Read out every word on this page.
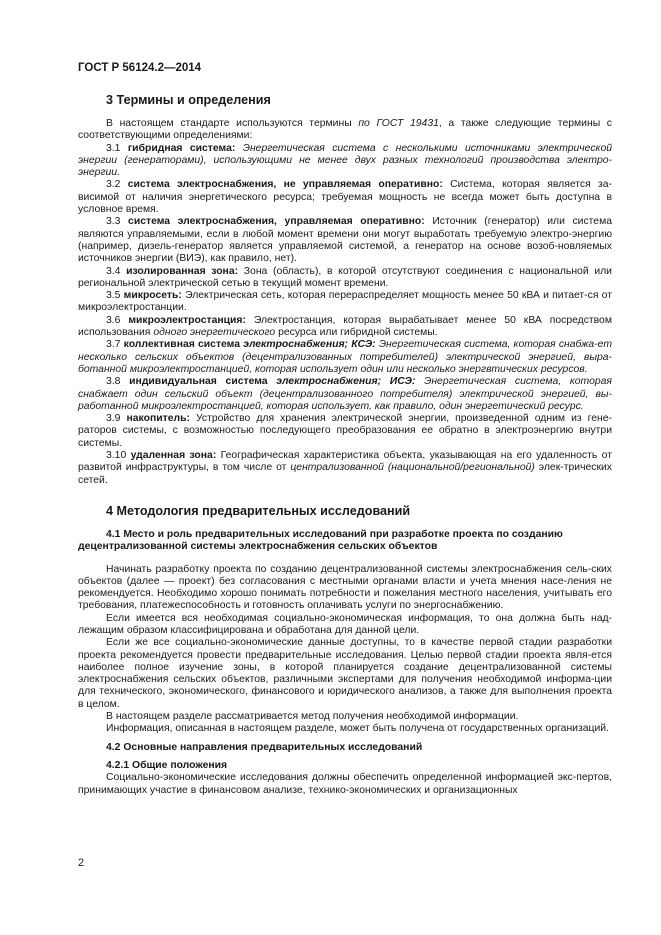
ГОСТ Р 56124.2—2014

3 Термины и определения

В настоящем стандарте используются термины по ГОСТ 19431, а также следующие термины с соответствующими определениями:

3.1 гибридная система: Энергетическая система с несколькими источниками электрической энергии (генераторами), использующими не менее двух разных технологий производства электро-энергии.

3.2 система электроснабжения, не управляемая оперативно: Система, которая является за-висимой от наличия энергетического ресурса; требуемая мощность не всегда может быть доступна в условное время.

3.3 система электроснабжения, управляемая оперативно: Источник (генератор) или система являются управляемыми, если в любой момент времени они могут выработать требуемую электро-энергию (например, дизель-генератор является управляемой системой, а генератор на основе возоб-новляемых источников энергии (ВИЭ), как правило, нет).

3.4 изолированная зона: Зона (область), в которой отсутствуют соединения с национальной или региональной электрической сетью в текущий момент времени.

3.5 микросеть: Электрическая сеть, которая перераспределяет мощность менее 50 кВА и питает-ся от микроэлектростанции.

3.6 микроэлектростанция: Электростанция, которая вырабатывает менее 50 кВА посредством использования одного энергетического ресурса или гибридной системы.

3.7 коллективная система электроснабжения; КСЭ: Энергетическая система, которая снабжа-ет несколько сельских объектов (децентрализованных потребителей) электрической энергией, выра-ботанной микроэлектростанцией, которая использует один или несколько энергвтических ресурсов.

3.8 индивидуальная система электроснабжения; ИСЭ: Энергетическая система, которая снабжает один сельский объект (децентрализованного потребителя) электрической энергией, вы-работанной микроэлектростанцией, которая использует, как правило, один энергетический ресурс.

3.9 накопитель: Устройство для хранения электрической энергии, произведенной одним из гене-раторов системы, с возможностью последующего преобразования ее обратно в электроэнергию внутри системы.

3.10 удаленная зона: Географическая характеристика объекта, указывающая на его удаленность от развитой инфраструктуры, в том числе от централизованной (национальной/региональной) элек-трических сетей.

4 Методология предварительных исследований

4.1 Место и роль предварительных исследований при разработке проекта по созданию децентрализованной системы электроснабжения сельских объектов

Начинать разработку проекта по созданию децентрализованной системы электроснабжения сель-ских объектов (далее — проект) без согласования с местными органами власти и учета мнения насе-ления не рекомендуется. Необходимо хорошо понимать потребности и пожелания местного населения, учитывать его требования, платежеспособность и готовность оплачивать услуги по энергоснабжению.

Если имеется вся необходимая социально-экономическая информация, то она должна быть над-лежащим образом классифицирована и обработана для данной цели.

Если же все социально-экономические данные доступны, то в качестве первой стадии разработки проекта рекомендуется провести предварительные исследования. Целью первой стадии проекта явля-ется наиболее полное изучение зоны, в которой планируется создание децентрализованной системы электроснабжения сельских объектов, различными экспертами для получения необходимой информа-ции для технического, экономического, финансового и юридического анализов, а также для выполнения проекта в целом.

В настоящем разделе рассматривается метод получения необходимой информации.

Информация, описанная в настоящем разделе, может быть получена от государственных организаций.

4.2 Основные направления предварительных исследований

4.2.1 Общие положения

Социально-экономические исследования должны обеспечить определенной информацией экс-пертов, принимающих участие в финансовом анализе, технико-экономических и организационных

2
